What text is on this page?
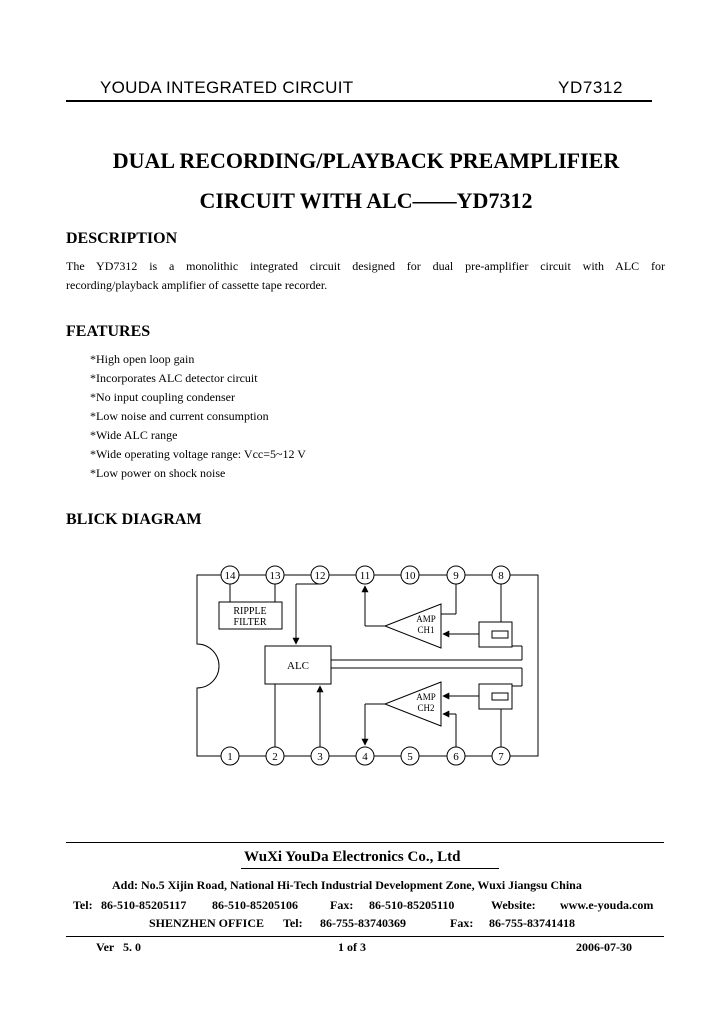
YOUDA INTEGRATED CIRCUIT	YD7312
DUAL RECORDING/PLAYBACK PREAMPLIFIER
CIRCUIT WITH ALC——YD7312
DESCRIPTION
The YD7312 is a monolithic integrated circuit designed for dual pre-amplifier circuit with ALC for
recording/playback amplifier of cassette tape recorder.
FEATURES
*High open loop gain
*Incorporates ALC detector circuit
*No input coupling condenser
*Low noise and current consumption
*Wide ALC range
*Wide operating voltage range: Vcc=5~12 V
*Low power on shock noise
BLICK DIAGRAM
14	13	12	11	10	9	8
1	2	3	4	5	6	7
RIPPLE
FILTER
ALC
AMP
CH1
AMP
CH2
WuXi YouDa Electronics Co., Ltd
Add: No.5 Xijin Road, National Hi-Tech Industrial Development Zone, Wuxi Jiangsu China
Tel: 86-510-85205117 86-510-85205106	Fax: 86-510-85205110	Website: www.e-youda.com
SHENZHEN OFFICE Tel: 86-755-83740369	Fax: 86-755-83741418
Ver   5. 0	1 of 3	2006-07-30
